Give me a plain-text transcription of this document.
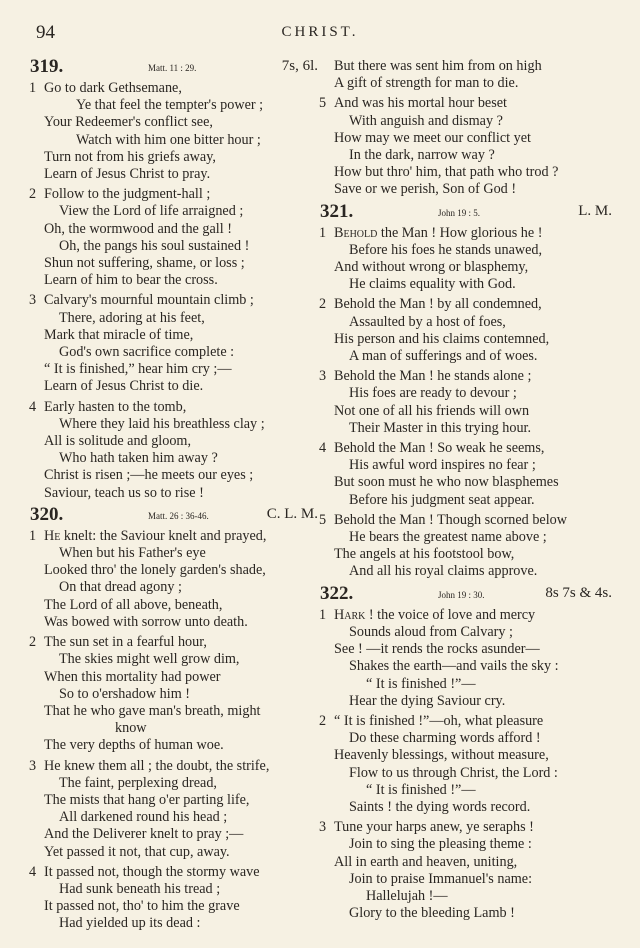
94	CHRIST.
319.	Matt. 11 : 29.	7s, 6l.
1 Go to dark Gethsemane,
Ye that feel the tempter's power ;
Your Redeemer's conflict see,
Watch with him one bitter hour ;
Turn not from his griefs away,
Learn of Jesus Christ to pray.
2 Follow to the judgment-hall ;
View the Lord of life arraigned ;
Oh, the wormwood and the gall !
Oh, the pangs his soul sustained !
Shun not suffering, shame, or loss ;
Learn of him to bear the cross.
3 Calvary's mournful mountain climb ;
There, adoring at his feet,
Mark that miracle of time,
God's own sacrifice complete :
“ It is finished,” hear him cry ;—
Learn of Jesus Christ to die.
4 Early hasten to the tomb,
Where they laid his breathless clay ;
All is solitude and gloom,
Who hath taken him away ?
Christ is risen ;—he meets our eyes ;
Saviour, teach us so to rise !
320.	Matt. 26 : 36-46.	C. L. M.
1 He knelt: the Saviour knelt and prayed,
When but his Father's eye
Looked thro' the lonely garden's shade,
On that dread agony ;
The Lord of all above, beneath,
Was bowed with sorrow unto death.
2 The sun set in a fearful hour,
The skies might well grow dim,
When this mortality had power
So to o'ershadow him !
That he who gave man's breath, might
know
The very depths of human woe.
3 He knew them all ; the doubt, the strife,
The faint, perplexing dread,
The mists that hang o'er parting life,
All darkened round his head ;
And the Deliverer knelt to pray ;—
Yet passed it not, that cup, away.
4 It passed not, though the stormy wave
Had sunk beneath his tread ;
It passed not, tho' to him the grave
Had yielded up its dead :
But there was sent him from on high
A gift of strength for man to die.
5 And was his mortal hour beset
With anguish and dismay ?
How may we meet our conflict yet
In the dark, narrow way ?
How but thro' him, that path who trod ?
Save or we perish, Son of God !
321.	John 19 : 5.	L. M.
1 Behold the Man ! How glorious he !
Before his foes he stands unawed,
And without wrong or blasphemy,
He claims equality with God.
2 Behold the Man ! by all condemned,
Assaulted by a host of foes,
His person and his claims contemned,
A man of sufferings and of woes.
3 Behold the Man ! he stands alone ;
His foes are ready to devour ;
Not one of all his friends will own
Their Master in this trying hour.
4 Behold the Man ! So weak he seems,
His awful word inspires no fear ;
But soon must he who now blasphemes
Before his judgment seat appear.
5 Behold the Man ! Though scorned below
He bears the greatest name above ;
The angels at his footstool bow,
And all his royal claims approve.
322.	John 19 : 30.	8s 7s & 4s.
1 Hark ! the voice of love and mercy
Sounds aloud from Calvary ;
See ! —it rends the rocks asunder—
Shakes the earth—and vails the sky :
“ It is finished !”—
Hear the dying Saviour cry.
2 “ It is finished !”—oh, what pleasure
Do these charming words afford !
Heavenly blessings, without measure,
Flow to us through Christ, the Lord :
“ It is finished !”—
Saints ! the dying words record.
3 Tune your harps anew, ye seraphs !
Join to sing the pleasing theme :
All in earth and heaven, uniting,
Join to praise Immanuel's name:
Hallelujah !—
Glory to the bleeding Lamb !
